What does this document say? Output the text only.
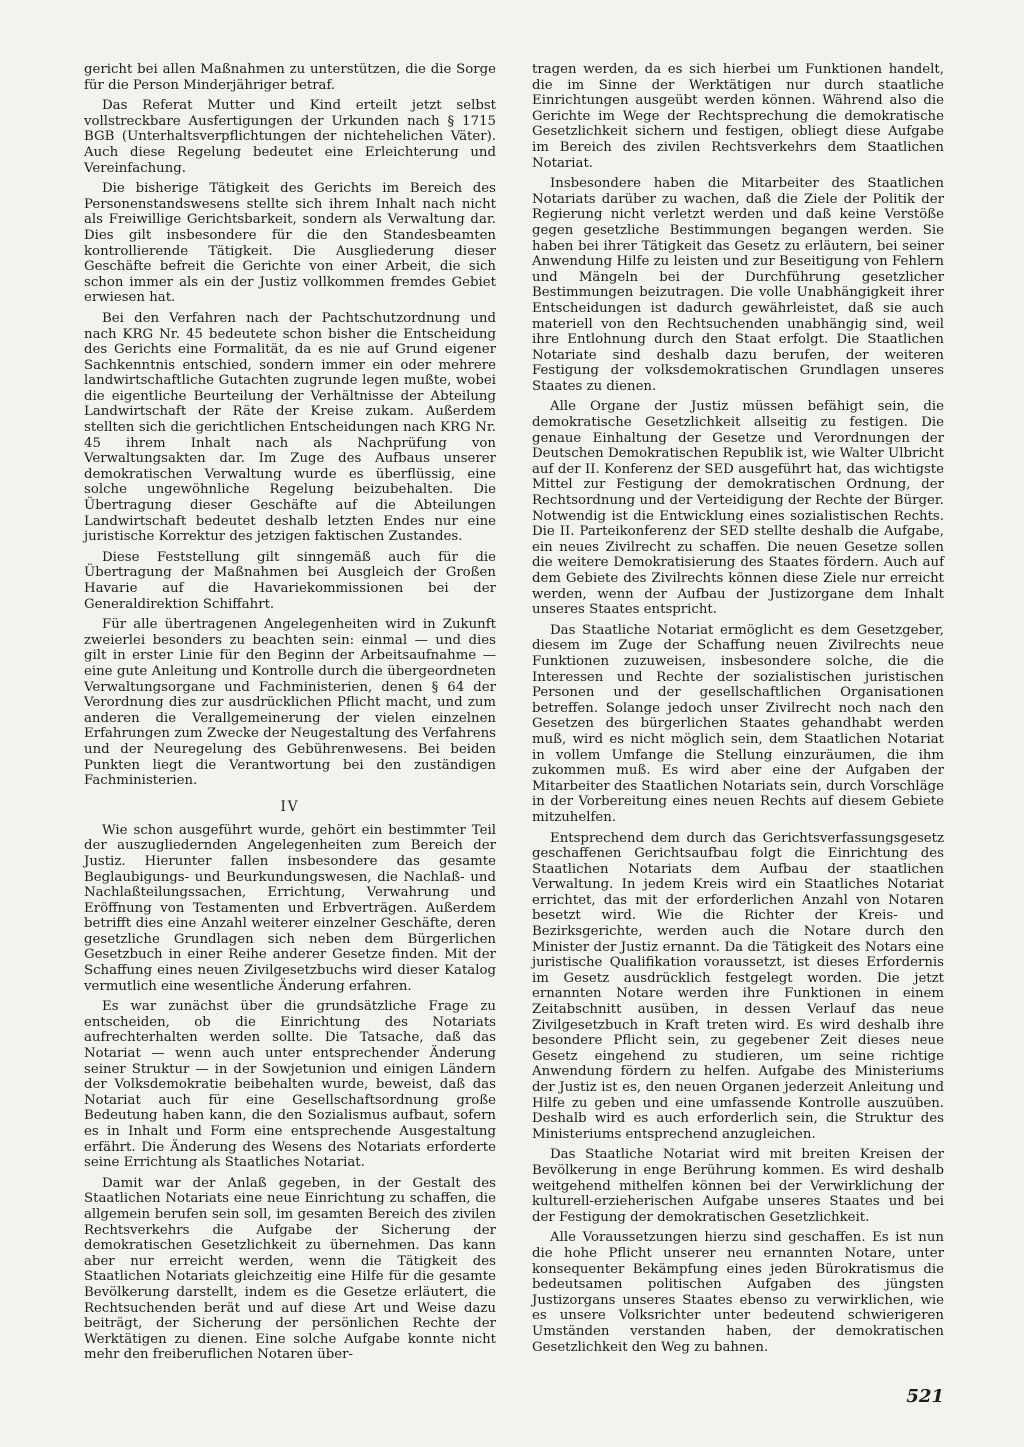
gericht bei allen Maßnahmen zu unterstützen, die die Sorge für die Person Minderjähriger betraf.

Das Referat Mutter und Kind erteilt jetzt selbst vollstreckbare Ausfertigungen der Urkunden nach § 1715 BGB (Unterhaltsverpflichtungen der nichtehelichen Väter). Auch diese Regelung bedeutet eine Erleichterung und Vereinfachung.

Die bisherige Tätigkeit des Gerichts im Bereich des Personenstandswesens stellte sich ihrem Inhalt nach nicht als Freiwillige Gerichtsbarkeit, sondern als Verwaltung dar. Dies gilt insbesondere für die den Standesbeamten kontrollierende Tätigkeit. Die Ausgliederung dieser Geschäfte befreit die Gerichte von einer Arbeit, die sich schon immer als ein der Justiz vollkommen fremdes Gebiet erwiesen hat.

Bei den Verfahren nach der Pachtschutzordnung und nach KRG Nr. 45 bedeutete schon bisher die Entscheidung des Gerichts eine Formalität, da es nie auf Grund eigener Sachkenntnis entschied, sondern immer ein oder mehrere landwirtschaftliche Gutachten zugrunde legen mußte, wobei die eigentliche Beurteilung der Verhältnisse der Abteilung Landwirtschaft der Räte der Kreise zukam. Außerdem stellten sich die gerichtlichen Entscheidungen nach KRG Nr. 45 ihrem Inhalt nach als Nachprüfung von Verwaltungsakten dar. Im Zuge des Aufbaus unserer demokratischen Verwaltung wurde es überflüssig, eine solche ungewöhnliche Regelung beizubehalten. Die Übertragung dieser Geschäfte auf die Abteilungen Landwirtschaft bedeutet deshalb letzten Endes nur eine juristische Korrektur des jetzigen faktischen Zustandes.

Diese Feststellung gilt sinngemäß auch für die Übertragung der Maßnahmen bei Ausgleich der Großen Havarie auf die Havariekommissionen bei der Generaldirektion Schiffahrt.

Für alle übertragenen Angelegenheiten wird in Zukunft zweierlei besonders zu beachten sein: einmal — und dies gilt in erster Linie für den Beginn der Arbeitsaufnahme — eine gute Anleitung und Kontrolle durch die übergeordneten Verwaltungsorgane und Fachministerien, denen § 64 der Verordnung dies zur ausdrücklichen Pflicht macht, und zum anderen die Verallgemeinerung der vielen einzelnen Erfahrungen zum Zwecke der Neugestaltung des Verfahrens und der Neuregelung des Gebührenwesens. Bei beiden Punkten liegt die Verantwortung bei den zuständigen Fachministerien.

IV

Wie schon ausgeführt wurde, gehört ein bestimmter Teil der auszugliedernden Angelegenheiten zum Bereich der Justiz. Hierunter fallen insbesondere das gesamte Beglaubigungs- und Beurkundungswesen, die Nachlaß- und Nachlaßteilungssachen, Errichtung, Verwahrung und Eröffnung von Testamenten und Erbverträgen. Außerdem betrifft dies eine Anzahl weiterer einzelner Geschäfte, deren gesetzliche Grundlagen sich neben dem Bürgerlichen Gesetzbuch in einer Reihe anderer Gesetze finden. Mit der Schaffung eines neuen Zivilgesetzbuchs wird dieser Katalog vermutlich eine wesentliche Änderung erfahren.

Es war zunächst über die grundsätzliche Frage zu entscheiden, ob die Einrichtung des Notariats aufrechterhalten werden sollte. Die Tatsache, daß das Notariat — wenn auch unter entsprechender Änderung seiner Struktur — in der Sowjetunion und einigen Ländern der Volksdemokratie beibehalten wurde, beweist, daß das Notariat auch für eine Gesellschaftsordnung große Bedeutung haben kann, die den Sozialismus aufbaut, sofern es in Inhalt und Form eine entsprechende Ausgestaltung erfährt. Die Änderung des Wesens des Notariats erforderte seine Errichtung als Staatliches Notariat.

Damit war der Anlaß gegeben, in der Gestalt des Staatlichen Notariats eine neue Einrichtung zu schaffen, die allgemein berufen sein soll, im gesamten Bereich des zivilen Rechtsverkehrs die Aufgabe der Sicherung der demokratischen Gesetzlichkeit zu übernehmen. Das kann aber nur erreicht werden, wenn die Tätigkeit des Staatlichen Notariats gleichzeitig eine Hilfe für die gesamte Bevölkerung darstellt, indem es die Gesetze erläutert, die Rechtsuchenden berät und auf diese Art und Weise dazu beiträgt, der Sicherung der persönlichen Rechte der Werktätigen zu dienen. Eine solche Aufgabe konnte nicht mehr den freiberuflichen Notaren über-

tragen werden, da es sich hierbei um Funktionen handelt, die im Sinne der Werktätigen nur durch staatliche Einrichtungen ausgeübt werden können. Während also die Gerichte im Wege der Rechtsprechung die demokratische Gesetzlichkeit sichern und festigen, obliegt diese Aufgabe im Bereich des zivilen Rechtsverkehrs dem Staatlichen Notariat.

Insbesondere haben die Mitarbeiter des Staatlichen Notariats darüber zu wachen, daß die Ziele der Politik der Regierung nicht verletzt werden und daß keine Verstöße gegen gesetzliche Bestimmungen begangen werden. Sie haben bei ihrer Tätigkeit das Gesetz zu erläutern, bei seiner Anwendung Hilfe zu leisten und zur Beseitigung von Fehlern und Mängeln bei der Durchführung gesetzlicher Bestimmungen beizutragen. Die volle Unabhängigkeit ihrer Entscheidungen ist dadurch gewährleistet, daß sie auch materiell von den Rechtsuchenden unabhängig sind, weil ihre Entlohnung durch den Staat erfolgt. Die Staatlichen Notariate sind deshalb dazu berufen, der weiteren Festigung der volksdemokratischen Grundlagen unseres Staates zu dienen.

Alle Organe der Justiz müssen befähigt sein, die demokratische Gesetzlichkeit allseitig zu festigen. Die genaue Einhaltung der Gesetze und Verordnungen der Deutschen Demokratischen Republik ist, wie Walter Ulbricht auf der II. Konferenz der SED ausgeführt hat, das wichtigste Mittel zur Festigung der demokratischen Ordnung, der Rechtsordnung und der Verteidigung der Rechte der Bürger. Notwendig ist die Entwicklung eines sozialistischen Rechts. Die II. Parteikonferenz der SED stellte deshalb die Aufgabe, ein neues Zivilrecht zu schaffen. Die neuen Gesetze sollen die weitere Demokratisierung des Staates fördern. Auch auf dem Gebiete des Zivilrechts können diese Ziele nur erreicht werden, wenn der Aufbau der Justizorgane dem Inhalt unseres Staates entspricht.

Das Staatliche Notariat ermöglicht es dem Gesetzgeber, diesem im Zuge der Schaffung neuen Zivilrechts neue Funktionen zuzuweisen, insbesondere solche, die die Interessen und Rechte der sozialistischen juristischen Personen und der gesellschaftlichen Organisationen betreffen. Solange jedoch unser Zivilrecht noch nach den Gesetzen des bürgerlichen Staates gehandhabt werden muß, wird es nicht möglich sein, dem Staatlichen Notariat in vollem Umfange die Stellung einzuräumen, die ihm zukommen muß. Es wird aber eine der Aufgaben der Mitarbeiter des Staatlichen Notariats sein, durch Vorschläge in der Vorbereitung eines neuen Rechts auf diesem Gebiete mitzuhelfen.

Entsprechend dem durch das Gerichtsverfassungsgesetz geschaffenen Gerichtsaufbau folgt die Einrichtung des Staatlichen Notariats dem Aufbau der staatlichen Verwaltung. In jedem Kreis wird ein Staatliches Notariat errichtet, das mit der erforderlichen Anzahl von Notaren besetzt wird. Wie die Richter der Kreis- und Bezirksgerichte, werden auch die Notare durch den Minister der Justiz ernannt. Da die Tätigkeit des Notars eine juristische Qualifikation voraussetzt, ist dieses Erfordernis im Gesetz ausdrücklich festgelegt worden. Die jetzt ernannten Notare werden ihre Funktionen in einem Zeitabschnitt ausüben, in dessen Verlauf das neue Zivilgesetzbuch in Kraft treten wird. Es wird deshalb ihre besondere Pflicht sein, zu gegebener Zeit dieses neue Gesetz eingehend zu studieren, um seine richtige Anwendung fördern zu helfen. Aufgabe des Ministeriums der Justiz ist es, den neuen Organen jederzeit Anleitung und Hilfe zu geben und eine umfassende Kontrolle auszuüben. Deshalb wird es auch erforderlich sein, die Struktur des Ministeriums entsprechend anzugleichen.

Das Staatliche Notariat wird mit breiten Kreisen der Bevölkerung in enge Berührung kommen. Es wird deshalb weitgehend mithelfen können bei der Verwirklichung der kulturell-erzieherischen Aufgabe unseres Staates und bei der Festigung der demokratischen Gesetzlichkeit.

Alle Voraussetzungen hierzu sind geschaffen. Es ist nun die hohe Pflicht unserer neu ernannten Notare, unter konsequenter Bekämpfung eines jeden Bürokratismus die bedeutsamen politischen Aufgaben des jüngsten Justizorgans unseres Staates ebenso zu verwirklichen, wie es unsere Volksrichter unter bedeutend schwierigeren Umständen verstanden haben, der demokratischen Gesetzlichkeit den Weg zu bahnen.

521
